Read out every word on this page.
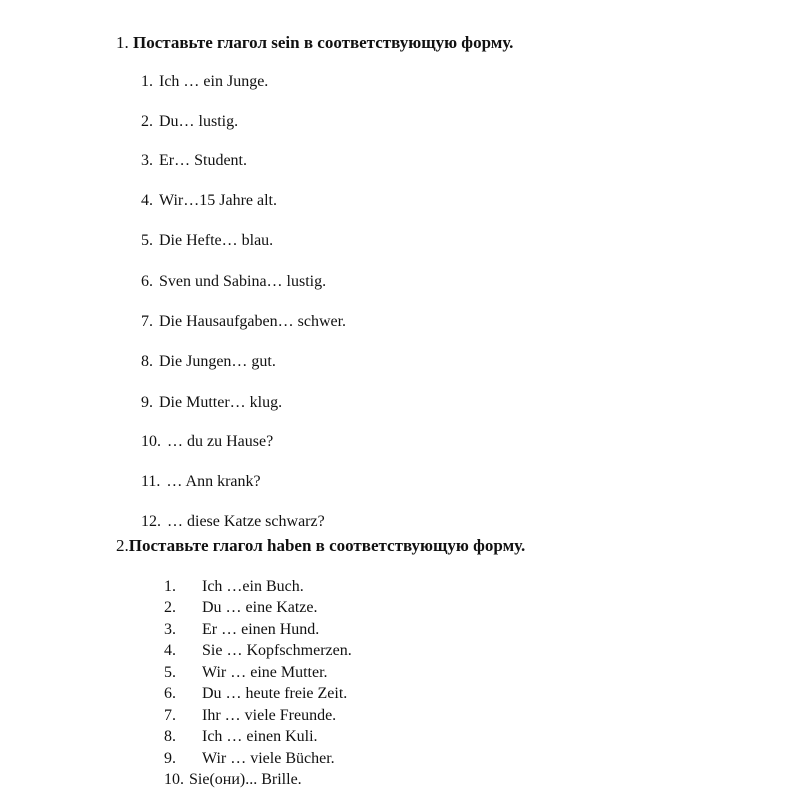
1. Поставьте глагол sein в соответствующую форму.
1. Ich … ein Junge.
2. Du… lustig.
3. Er… Student.
4. Wir…15 Jahre alt.
5. Die Hefte… blau.
6. Sven und Sabina… lustig.
7. Die Hausaufgaben… schwer.
8. Die Jungen… gut.
9. Die Mutter… klug.
10. … du zu Hause?
11. … Ann krank?
12. … diese Katze schwarz?
2.Поставьте глагол haben в соответствующую форму.
1. Ich …ein Buch.
2. Du … eine Katze.
3. Er … einen Hund.
4. Sie … Kopfschmerzen.
5. Wir … eine Mutter.
6. Du … heute freie Zeit.
7. Ihr … viele Freunde.
8. Ich … einen Kuli.
9. Wir … viele Bücher.
10. Sie(они)... Brille.
